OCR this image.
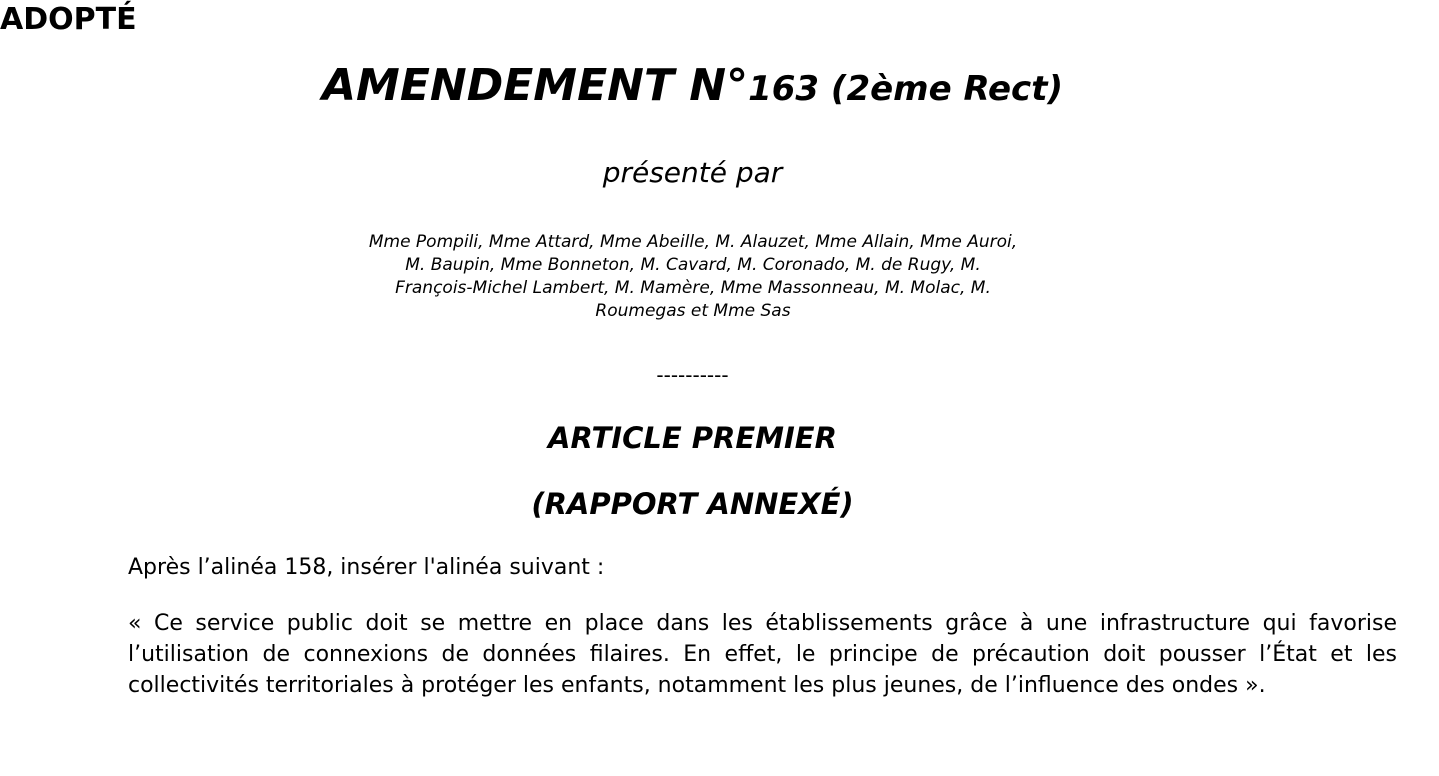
ADOPTÉ
AMENDEMENT N°163 (2ème Rect)
présenté par
Mme Pompili, Mme Attard, Mme Abeille, M. Alauzet, Mme Allain, Mme Auroi, M. Baupin, Mme Bonneton, M. Cavard, M. Coronado, M. de Rugy, M. François-Michel Lambert, M. Mamère, Mme Massonneau, M. Molac, M. Roumegas et Mme Sas
----------
ARTICLE PREMIER
(RAPPORT ANNEXÉ)
Après l’alinéa 158, insérer l'alinéa suivant :
« Ce service public doit se mettre en place dans les établissements grâce à une infrastructure qui favorise l’utilisation de connexions de données filaires. En effet, le principe de précaution doit pousser l’État et les collectivités territoriales à protéger les enfants, notamment les plus jeunes, de l’influence des ondes ».
